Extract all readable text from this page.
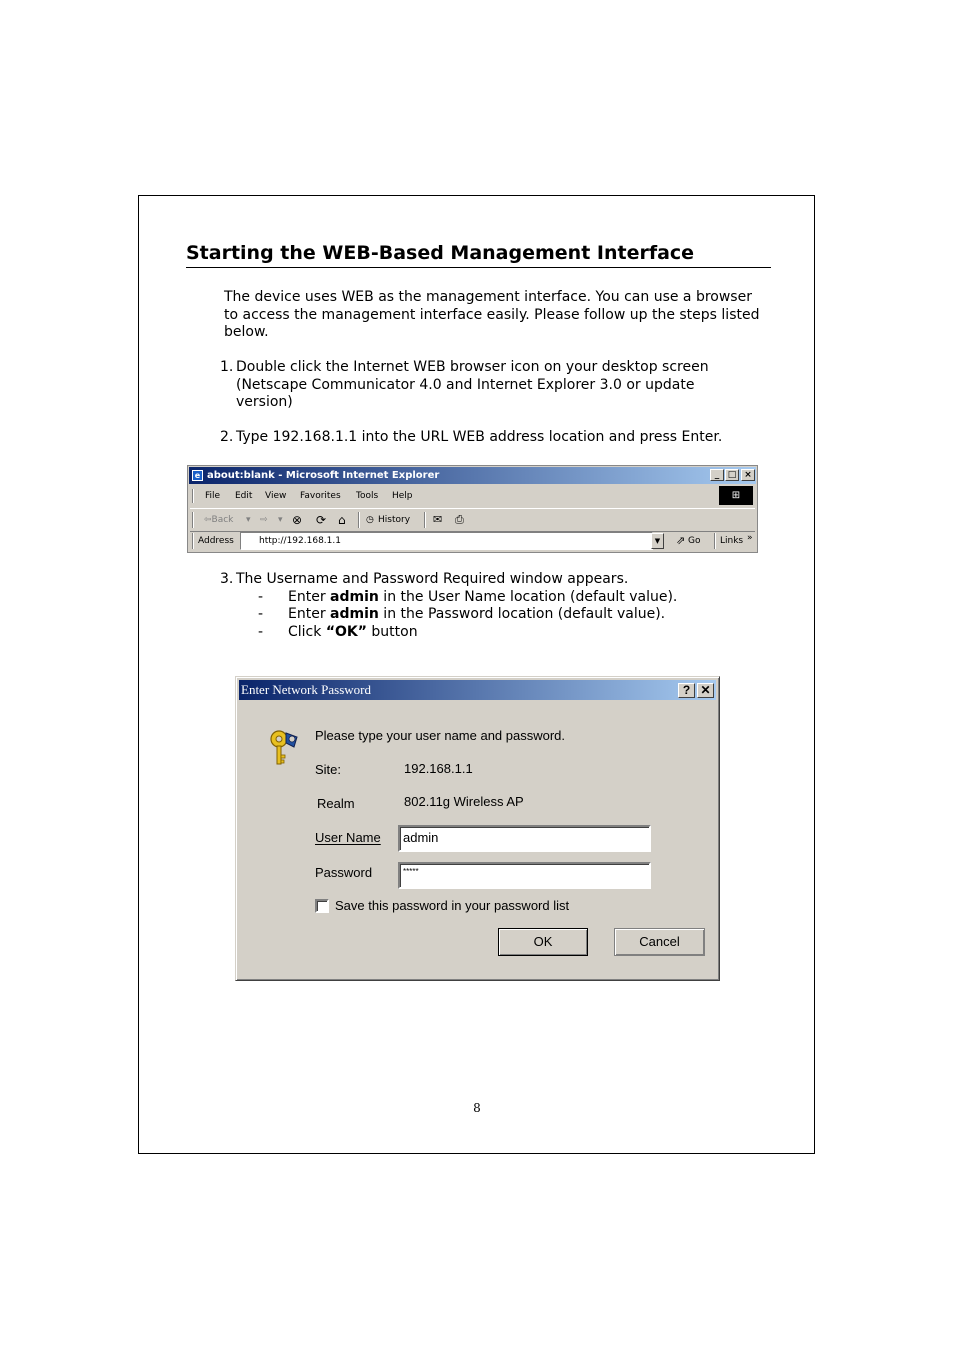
Starting the WEB-Based Management Interface
The device uses WEB as the management interface. You can use a browser to access the management interface easily. Please follow up the steps listed below.
1. Double click the Internet WEB browser icon on your desktop screen
(Netscape Communicator 4.0 and Internet Explorer 3.0 or update
version)
2. Type 192.168.1.1 into the URL WEB address location and press Enter.
e about:blank - Microsoft Internet Explorer	_ □ ×
File Edit View Favorites Tools Help	⊞
⇦Back ▾ ⇨ ▾ ⊗ ⟳ ⌂ ◷ History ✉ ⎙
Address	http://192.168.1.1	▼	⇗ Go Links »
3. The Username and Password Required window appears.
- Enter admin in the User Name location (default value).
- Enter admin in the Password location (default value).
- Click “OK” button
Enter Network Password	? ✕
Please type your user name and password.
Site:	192.168.1.1
Realm	802.11g Wireless AP
User Name	admin
Password	*****
Save this password in your password list
OK	Cancel
8
